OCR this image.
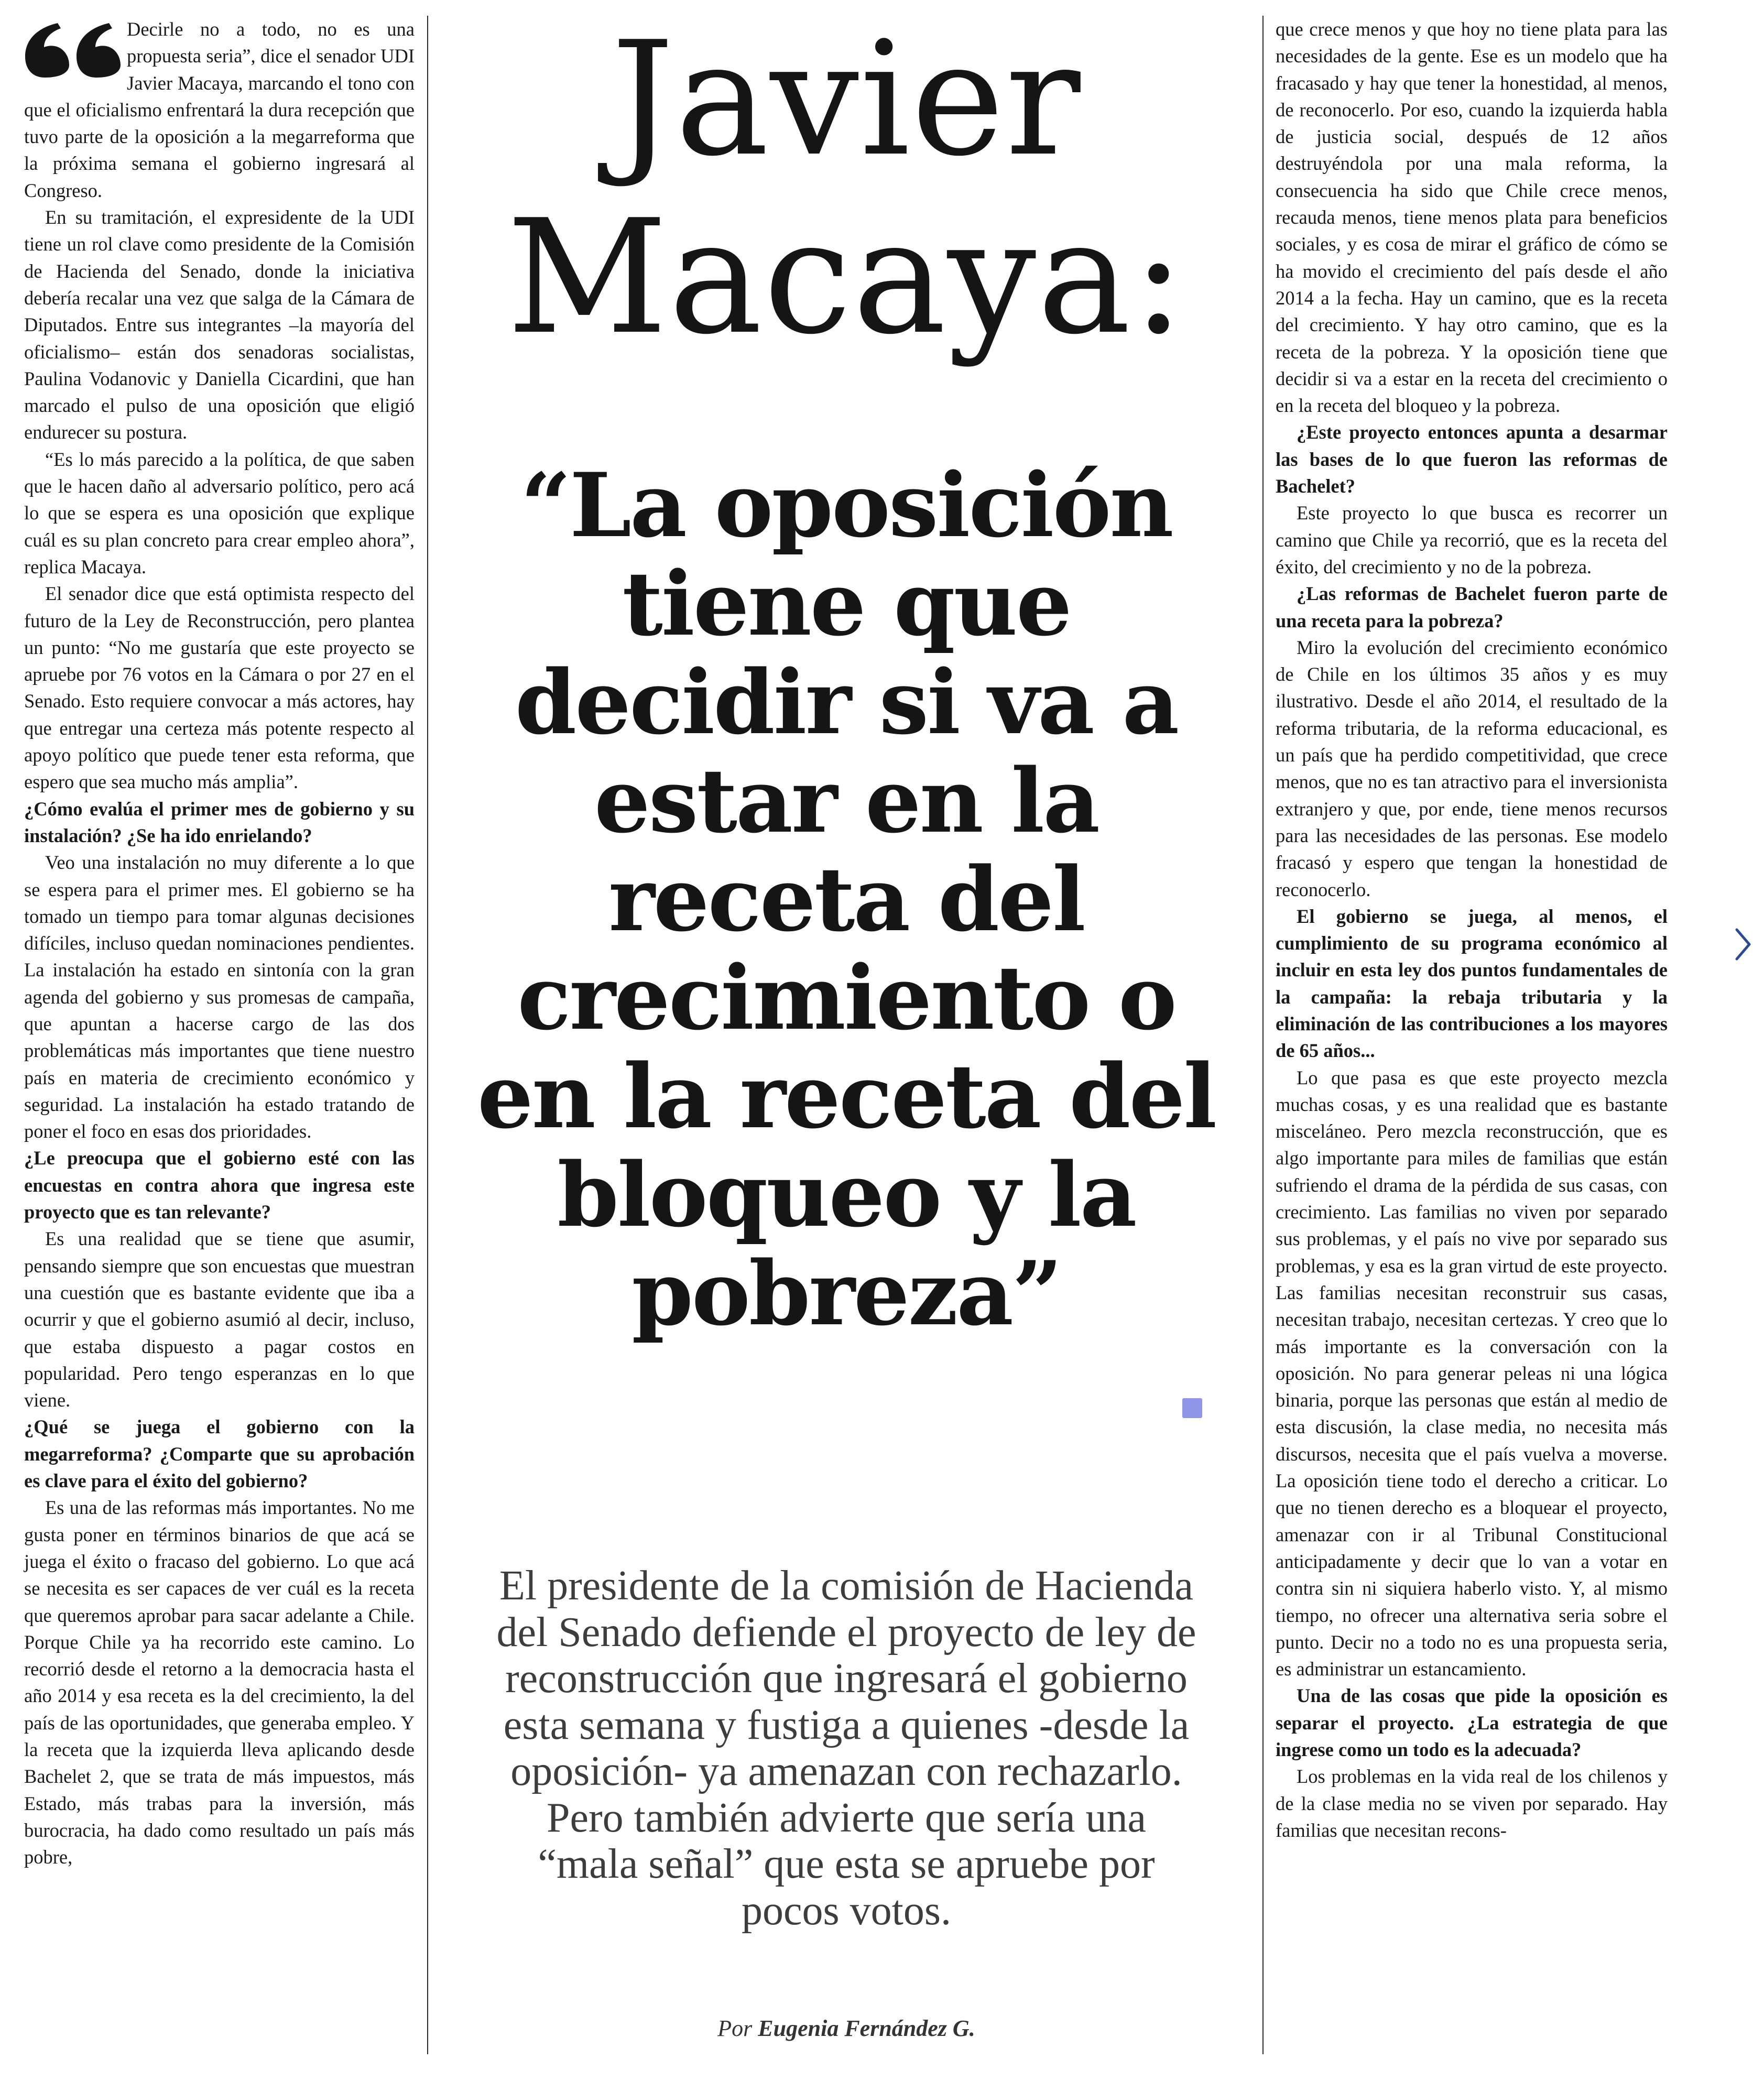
Decirle no a todo, no es una propuesta seria”, dice el senador UDI Javier Macaya, marcando el tono con que el oficialismo enfrentará la dura recepción que tuvo parte de la oposición a la megarreforma que la próxima semana el gobierno ingresará al Congreso.

En su tramitación, el expresidente de la UDI tiene un rol clave como presidente de la Comisión de Hacienda del Senado, donde la iniciativa debería recalar una vez que salga de la Cámara de Diputados. Entre sus integrantes –la mayoría del oficialismo– están dos senadoras socialistas, Paulina Vodanovic y Daniella Cicardini, que han marcado el pulso de una oposición que eligió endurecer su postura.

“Es lo más parecido a la política, de que saben que le hacen daño al adversario político, pero acá lo que se espera es una oposición que explique cuál es su plan concreto para crear empleo ahora”, replica Macaya.

El senador dice que está optimista respecto del futuro de la Ley de Reconstrucción, pero plantea un punto: “No me gustaría que este proyecto se apruebe por 76 votos en la Cámara o por 27 en el Senado. Esto requiere convocar a más actores, hay que entregar una certeza más potente respecto al apoyo político que puede tener esta reforma, que espero que sea mucho más amplia”.

¿Cómo evalúa el primer mes de gobierno y su instalación? ¿Se ha ido enrielando?

Veo una instalación no muy diferente a lo que se espera para el primer mes. El gobierno se ha tomado un tiempo para tomar algunas decisiones difíciles, incluso quedan nominaciones pendientes. La instalación ha estado en sintonía con la gran agenda del gobierno y sus promesas de campaña, que apuntan a hacerse cargo de las dos problemáticas más importantes que tiene nuestro país en materia de crecimiento económico y seguridad. La instalación ha estado tratando de poner el foco en esas dos prioridades.

¿Le preocupa que el gobierno esté con las encuestas en contra ahora que ingresa este proyecto que es tan relevante?

Es una realidad que se tiene que asumir, pensando siempre que son encuestas que muestran una cuestión que es bastante evidente que iba a ocurrir y que el gobierno asumió al decir, incluso, que estaba dispuesto a pagar costos en popularidad. Pero tengo esperanzas en lo que viene.

¿Qué se juega el gobierno con la megarreforma? ¿Comparte que su aprobación es clave para el éxito del gobierno?

Es una de las reformas más importantes. No me gusta poner en términos binarios de que acá se juega el éxito o fracaso del gobierno. Lo que acá se necesita es ser capaces de ver cuál es la receta que queremos aprobar para sacar adelante a Chile. Porque Chile ya ha recorrido este camino. Lo recorrió desde el retorno a la democracia hasta el año 2014 y esa receta es la del crecimiento, la del país de las oportunidades, que generaba empleo. Y la receta que la izquierda lleva aplicando desde Bachelet 2, que se trata de más impuestos, más Estado, más trabas para la inversión, más burocracia, ha dado como resultado un país más pobre,

Javier
Macaya:
“La oposición tiene que decidir si va a estar en la receta del crecimiento o en la receta del bloqueo y la pobreza”
El presidente de la comisión de Hacienda del Senado defiende el proyecto de ley de reconstrucción que ingresará el gobierno esta semana y fustiga a quienes -desde la oposición- ya amenazan con rechazarlo. Pero también advierte que sería una “mala señal” que esta se apruebe por pocos votos.
Por Eugenia Fernández G.

que crece menos y que hoy no tiene plata para las necesidades de la gente. Ese es un modelo que ha fracasado y hay que tener la honestidad, al menos, de reconocerlo. Por eso, cuando la izquierda habla de justicia social, después de 12 años destruyéndola por una mala reforma, la consecuencia ha sido que Chile crece menos, recauda menos, tiene menos plata para beneficios sociales, y es cosa de mirar el gráfico de cómo se ha movido el crecimiento del país desde el año 2014 a la fecha. Hay un camino, que es la receta del crecimiento. Y hay otro camino, que es la receta de la pobreza. Y la oposición tiene que decidir si va a estar en la receta del crecimiento o en la receta del bloqueo y la pobreza.

¿Este proyecto entonces apunta a desarmar las bases de lo que fueron las reformas de Bachelet?

Este proyecto lo que busca es recorrer un camino que Chile ya recorrió, que es la receta del éxito, del crecimiento y no de la pobreza.

¿Las reformas de Bachelet fueron parte de una receta para la pobreza?

Miro la evolución del crecimiento económico de Chile en los últimos 35 años y es muy ilustrativo. Desde el año 2014, el resultado de la reforma tributaria, de la reforma educacional, es un país que ha perdido competitividad, que crece menos, que no es tan atractivo para el inversionista extranjero y que, por ende, tiene menos recursos para las necesidades de las personas. Ese modelo fracasó y espero que tengan la honestidad de reconocerlo.

El gobierno se juega, al menos, el cumplimiento de su programa económico al incluir en esta ley dos puntos fundamentales de la campaña: la rebaja tributaria y la eliminación de las contribuciones a los mayores de 65 años...

Lo que pasa es que este proyecto mezcla muchas cosas, y es una realidad que es bastante misceláneo. Pero mezcla reconstrucción, que es algo importante para miles de familias que están sufriendo el drama de la pérdida de sus casas, con crecimiento. Las familias no viven por separado sus problemas, y el país no vive por separado sus problemas, y esa es la gran virtud de este proyecto. Las familias necesitan reconstruir sus casas, necesitan trabajo, necesitan certezas. Y creo que lo más importante es la conversación con la oposición. No para generar peleas ni una lógica binaria, porque las personas que están al medio de esta discusión, la clase media, no necesita más discursos, necesita que el país vuelva a moverse. La oposición tiene todo el derecho a criticar. Lo que no tienen derecho es a bloquear el proyecto, amenazar con ir al Tribunal Constitucional anticipadamente y decir que lo van a votar en contra sin ni siquiera haberlo visto. Y, al mismo tiempo, no ofrecer una alternativa seria sobre el punto. Decir no a todo no es una propuesta seria, es administrar un estancamiento.

Una de las cosas que pide la oposición es separar el proyecto. ¿La estrategia de que ingrese como un todo es la adecuada?

Los problemas en la vida real de los chilenos y de la clase media no se viven por separado. Hay familias que necesitan recons-
